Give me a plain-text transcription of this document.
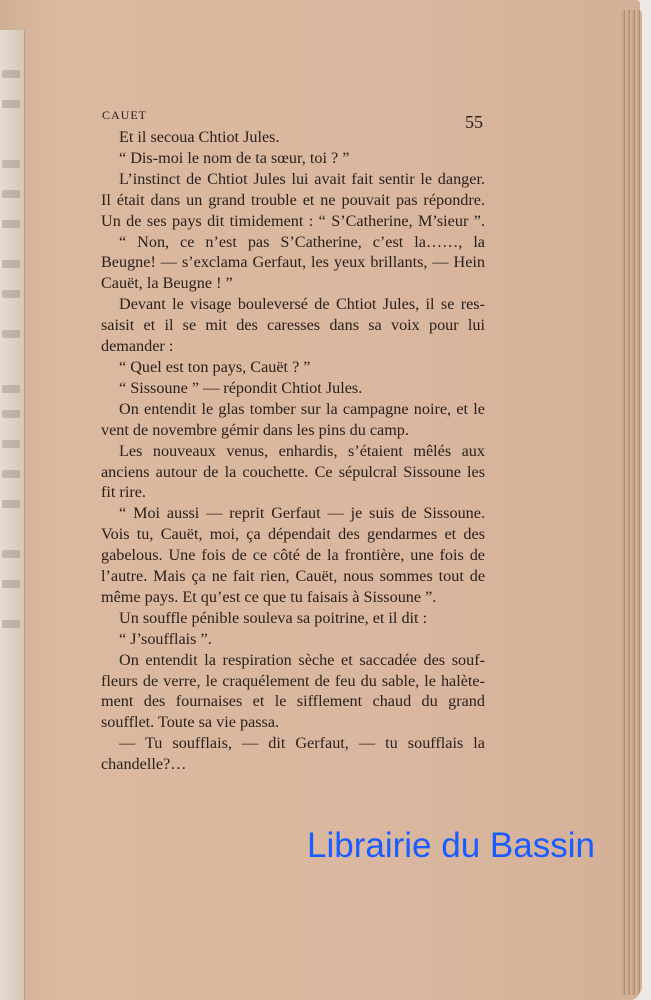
CAUET	55
Et il secoua Chtiot Jules.
“ Dis-moi le nom de ta sœur, toi ? ”
L’instinct de Chtiot Jules lui avait fait sentir le danger.
Il était dans un grand trouble et ne pouvait pas répondre.
Un de ses pays dit timidement : “ S’Catherine, M’sieur ”.
“ Non, ce n’est pas S’Catherine, c’est la……, la
Beugne! — s’exclama Gerfaut, les yeux brillants, — Hein
Cauët, la Beugne ! ”
Devant le visage bouleversé de Chtiot Jules, il se res-
saisit et il se mit des caresses dans sa voix pour lui
demander :
“ Quel est ton pays, Cauët ? ”
“ Sissoune ” — répondit Chtiot Jules.
On entendit le glas tomber sur la campagne noire, et le
vent de novembre gémir dans les pins du camp.
Les nouveaux venus, enhardis, s’étaient mêlés aux
anciens autour de la couchette. Ce sépulcral Sissoune les
fit rire.
“ Moi aussi — reprit Gerfaut — je suis de Sissoune.
Vois tu, Cauët, moi, ça dépendait des gendarmes et des
gabelous. Une fois de ce côté de la frontière, une fois de
l’autre. Mais ça ne fait rien, Cauët, nous sommes tout de
même pays. Et qu’est ce que tu faisais à Sissoune ”.
Un souffle pénible souleva sa poitrine, et il dit :
“ J’soufflais ”.
On entendit la respiration sèche et saccadée des souf-
fleurs de verre, le craquélement de feu du sable, le halète-
ment des fournaises et le sifflement chaud du grand
soufflet. Toute sa vie passa.
— Tu soufflais, — dit Gerfaut, — tu soufflais la
chandelle?…
Librairie du Bassin
